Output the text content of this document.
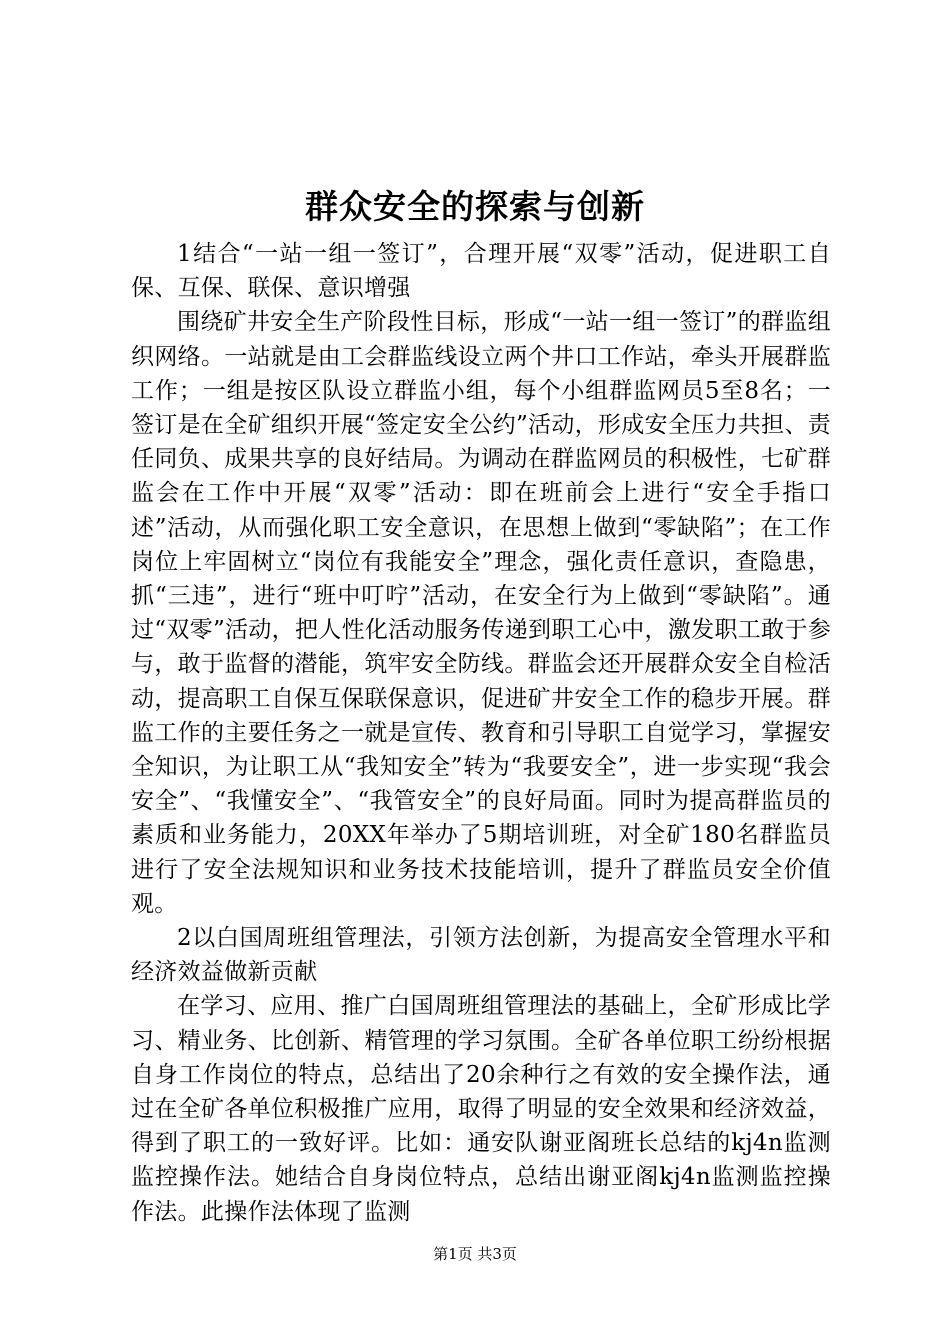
群众安全的探索与创新

1结合“一站一组一签订”，合理开展“双零”活动，促进职工自保、互保、联保、意识增强

围绕矿井安全生产阶段性目标，形成“一站一组一签订”的群监组织网络。一站就是由工会群监线设立两个井口工作站，牵头开展群监工作；一组是按区队设立群监小组，每个小组群监网员5至8名；一签订是在全矿组织开展“签定安全公约”活动，形成安全压力共担、责任同负、成果共享的良好结局。为调动在群监网员的积极性，七矿群监会在工作中开展“双零”活动：即在班前会上进行“安全手指口述”活动，从而强化职工安全意识，在思想上做到“零缺陷”；在工作岗位上牢固树立“岗位有我能安全”理念，强化责任意识，查隐患，抓“三违”，进行“班中叮咛”活动，在安全行为上做到“零缺陷”。通过“双零”活动，把人性化活动服务传递到职工心中，激发职工敢于参与，敢于监督的潜能，筑牢安全防线。群监会还开展群众安全自检活动，提高职工自保互保联保意识，促进矿井安全工作的稳步开展。群监工作的主要任务之一就是宣传、教育和引导职工自觉学习，掌握安全知识，为让职工从“我知安全”转为“我要安全”，进一步实现“我会安全”、“我懂安全”、“我管安全”的良好局面。同时为提高群监员的素质和业务能力，20XX年举办了5期培训班，对全矿180名群监员进行了安全法规知识和业务技术技能培训，提升了群监员安全价值观。

2以白国周班组管理法，引领方法创新，为提高安全管理水平和经济效益做新贡献

在学习、应用、推广白国周班组管理法的基础上，全矿形成比学习、精业务、比创新、精管理的学习氛围。全矿各单位职工纷纷根据自身工作岗位的特点，总结出了20余种行之有效的安全操作法，通过在全矿各单位积极推广应用，取得了明显的安全效果和经济效益，得到了职工的一致好评。比如：通安队谢亚阁班长总结的kj4n监测监控操作法。她结合自身岗位特点，总结出谢亚阁kj4n监测监控操作法。此操作法体现了监测

第1页 共3页
